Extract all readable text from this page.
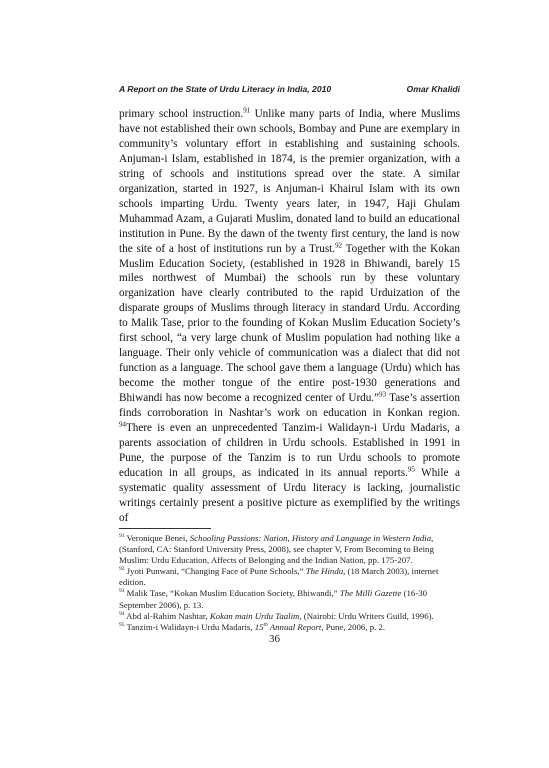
A Report on the State of Urdu Literacy in India, 2010	Omar Khalidi

primary school instruction.$^{91}$ Unlike many parts of India, where Muslims have not established their own schools, Bombay and Pune are exemplary in community’s voluntary effort in establishing and sustaining schools. Anjuman-i Islam, established in 1874, is the premier organization, with a string of schools and institutions spread over the state. A similar organization, started in 1927, is Anjuman-i Khairul Islam with its own schools imparting Urdu. Twenty years later, in 1947, Haji Ghulam Muhammad Azam, a Gujarati Muslim, donated land to build an educational institution in Pune. By the dawn of the twenty first century, the land is now the site of a host of institutions run by a Trust.$^{92}$ Together with the Kokan Muslim Education Society, (established in 1928 in Bhiwandi, barely 15 miles northwest of Mumbai) the schools run by these voluntary organization have clearly contributed to the rapid Urduization of the disparate groups of Muslims through literacy in standard Urdu. According to Malik Tase, prior to the founding of Kokan Muslim Education Society’s first school, “a very large chunk of Muslim population had nothing like a language. Their only vehicle of communication was a dialect that did not function as a language. The school gave them a language (Urdu) which has become the mother tongue of the entire post-1930 generations and Bhiwandi has now become a recognized center of Urdu.”$^{93}$ Tase’s assertion finds corroboration in Nashtar’s work on education in Konkan region. $^{94}$There is even an unprecedented Tanzim-i Walidayn-i Urdu Madaris, a parents association of children in Urdu schools. Established in 1991 in Pune, the purpose of the Tanzim is to run Urdu schools to promote education in all groups, as indicated in its annual reports.$^{95}$ While a systematic quality assessment of Urdu literacy is lacking, journalistic writings certainly present a positive picture as exemplified by the writings of

$^{91}$ Veronique Benei, Schooling Passions: Nation, History and Language in Western India, (Stanford, CA: Stanford University Press, 2008), see chapter V, From Becoming to Being Muslim: Urdu Education, Affects of Belonging and the Indian Nation, pp. 175-207.

$^{92}$ Jyoti Punwani, “Changing Face of Pune Schools,” The Hindu, (18 March 2003), internet edition.

$^{93}$ Malik Tase, “Kokan Muslim Education Society, Bhiwandi,” The Milli Gazette (16-30 September 2006), p. 13.

$^{94}$ Abd al-Rahim Nashtar, Kokan main Urdu Taalim, (Nairobi: Urdu Writers Guild, 1996).

$^{95}$ Tanzim-i Walidayn-i Urdu Madaris, 15th Annual Report, Pune, 2006, p. 2.

36
